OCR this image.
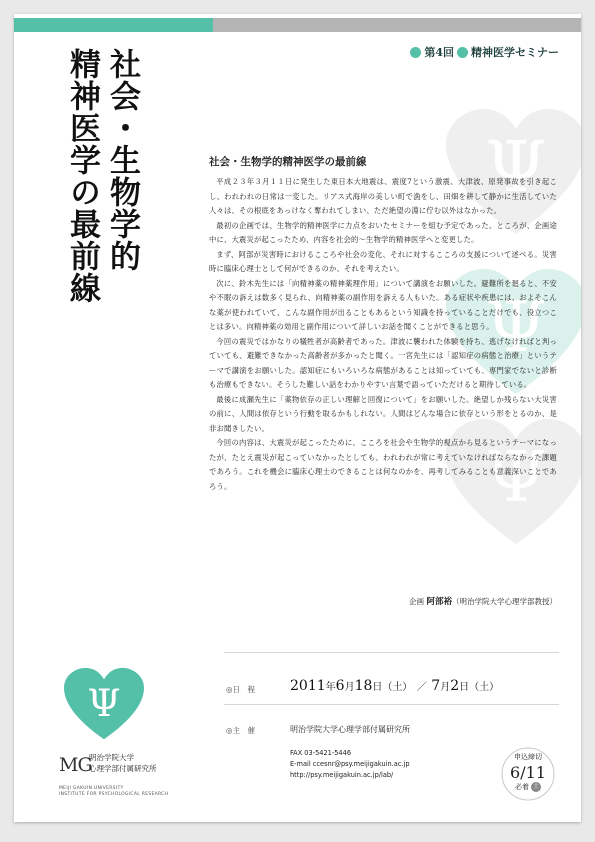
第4回 精神医学セミナー
社会・生物学的
精神医学の最前線	Ψ
Ψ
Ψ
社会・生物学的精神医学の最前線

平成２３年３月１１日に発生した東日本大地震は、震度7という激震、大津波、原発事故を引き起こし、われわれの日常は一変した。リアス式海岸の美しい町で漁をし、田畑を耕して静かに生活していた人々は、その根底をあっけなく奪われてしまい、ただ絶望の淵に佇む以外はなかった。

最初の企画では、生物学的精神医学に力点をおいたセミナーを組む予定であった。ところが、企画途中に、大震災が起こったため、内容を社会的〜生物学的精神医学へと変更した。

まず、阿部が災害時におけるこころや社会の変化、それに対するこころの支援について述べる。災害時に臨床心理士として何ができるのか、それを考えたい。

次に、鈴木先生には「向精神薬の精神薬理作用」について講演をお願いした。避難所を廻ると、不安や不眠の訴えは数多く見られ、向精神薬の副作用を訴える人もいた。ある症状や疾患には、およそこんな薬が使われていて、こんな副作用が出ることもあるという知識を持っていることだけでも、役立つことは多い。向精神薬の効用と副作用について詳しいお話を聞くことができると思う。

今回の震災ではかなりの犠牲者が高齢者であった。津波に襲われた体験を持ち、逃げなければと判っていても、避難できなかった高齢者が多かったと聞く。一宮先生には「認知症の病態と治療」というテーマで講演をお願いした。認知症にもいろいろな病態があることは知っていても、専門家でないと診断も治療もできない。そうした難しい話をわかりやすい言葉で語っていただけると期待している。

最後に成瀬先生に「薬物依存の正しい理解と回復について」をお願いした。絶望しか残らない大災害の前に、人間は依存という行動を取るかもしれない。人間はどんな場合に依存という形をとるのか、是非お聞きしたい。

今回の内容は、大震災が起こったために、こころを社会や生物学的視点から見るというテーマになったが、たとえ震災が起こっていなかったとしても、われわれが常に考えていなければならなかった課題であろう。これを機会に臨床心理士のできることは何なのかを、再考してみることも意義深いことであろう。

企画 阿部裕（明治学院大学心理学部教授）
◎日　程 2011年6月18日（土） ／ 7月2日（土）
◎主　催	明治学院大学心理学部付属研究所
FAX 03-5421-5446
E-mail ccesnr@psy.meijigakuin.ac.jp
http://psy.meijigakuin.ac.jp/lab/
申込締切
6/11
必着 土
Ψ
MG
明治学院大学
心理学部付属研究所
MEIJI GAKUIN UNIVERSITY
INSTITUTE FOR PSYCHOLOGICAL RESEARCH
